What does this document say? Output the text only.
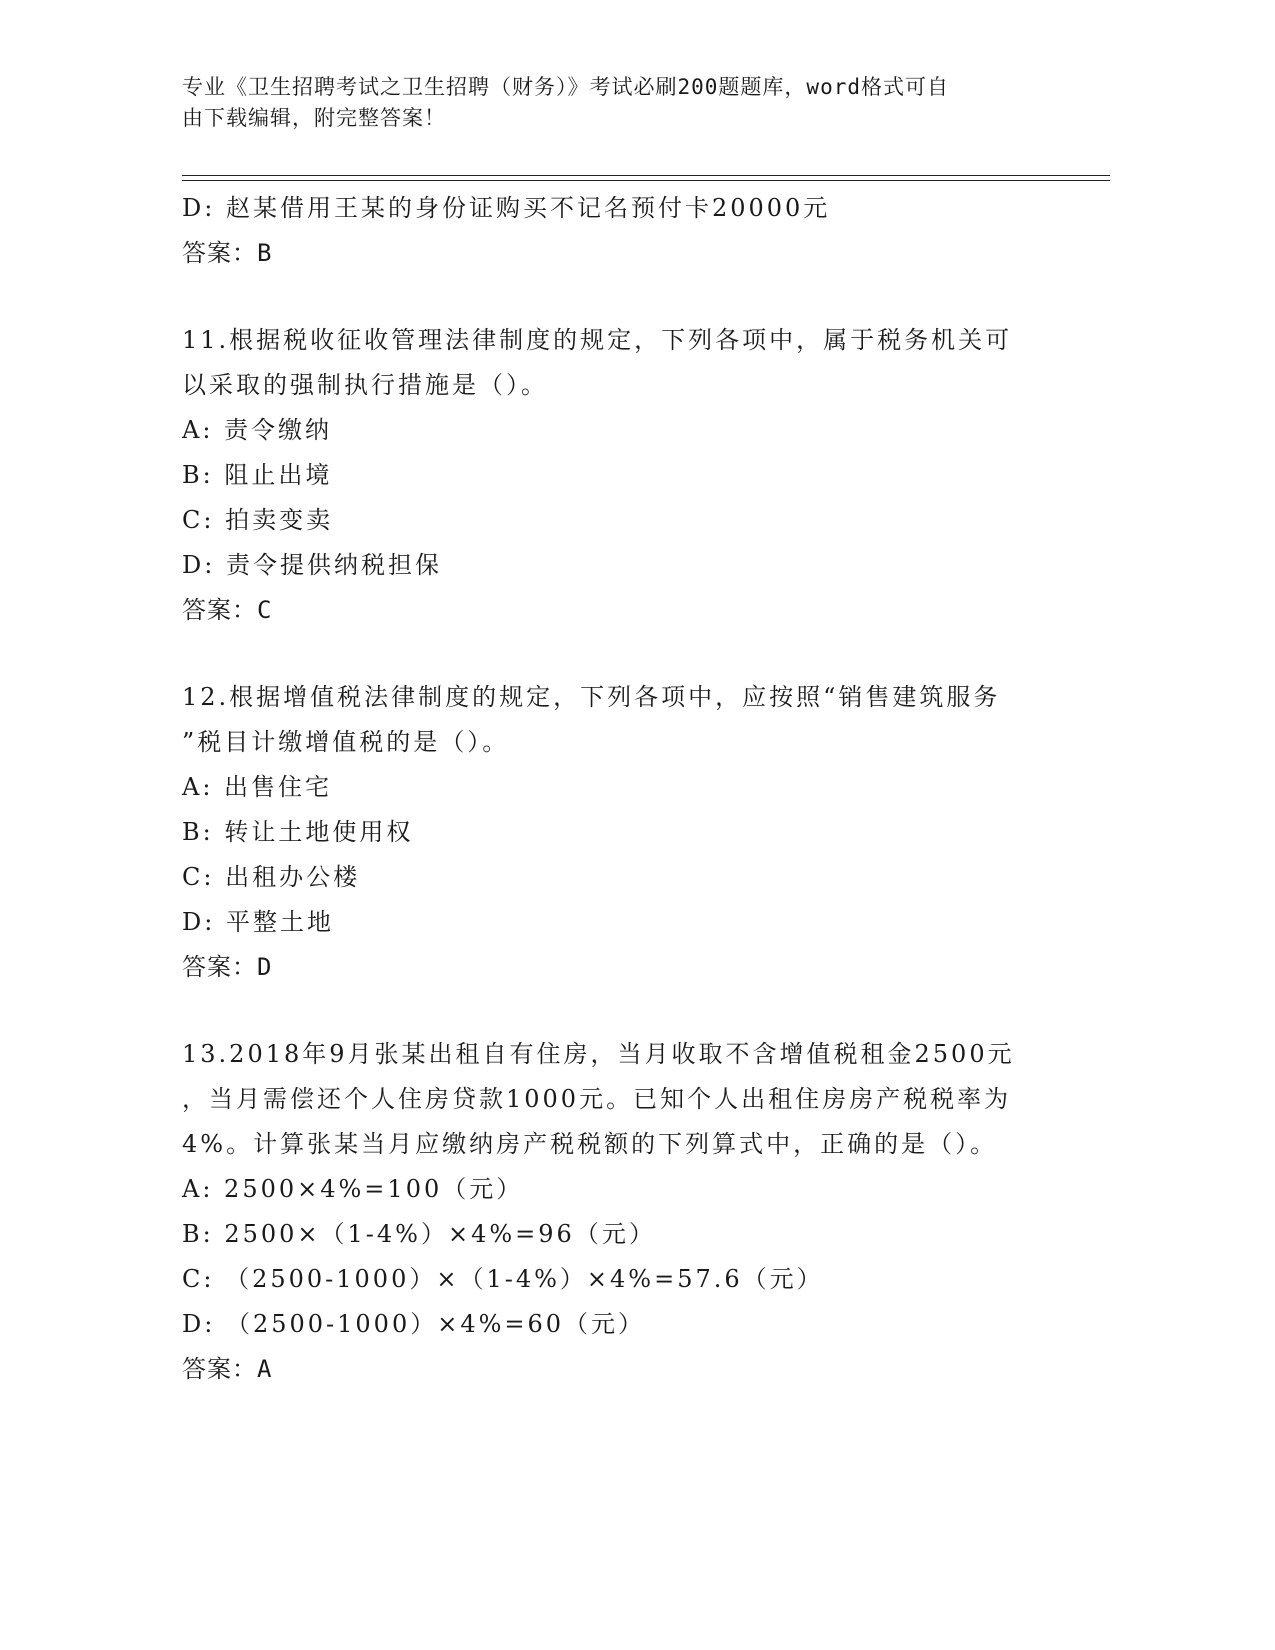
专业《卫生招聘考试之卫生招聘（财务）》考试必刷200题题库，word格式可自
由下载编辑，附完整答案！
D: 赵某借用王某的身份证购买不记名预付卡20000元
答案：B
11.根据税收征收管理法律制度的规定，下列各项中，属于税务机关可
以采取的强制执行措施是（）。
A: 责令缴纳
B: 阻止出境
C: 拍卖变卖
D: 责令提供纳税担保
答案：C
12.根据增值税法律制度的规定，下列各项中，应按照“销售建筑服务
”税目计缴增值税的是（）。
A: 出售住宅
B: 转让土地使用权
C: 出租办公楼
D: 平整土地
答案：D
13.2018年9月张某出租自有住房，当月收取不含增值税租金2500元
，当月需偿还个人住房贷款1000元。已知个人出租住房房产税税率为
4%。计算张某当月应缴纳房产税税额的下列算式中，正确的是（）。
A: 2500×4%=100（元）
B: 2500×（1-4%）×4%=96（元）
C: （2500-1000）×（1-4%）×4%=57.6（元）
D: （2500-1000）×4%=60（元）
答案：A
